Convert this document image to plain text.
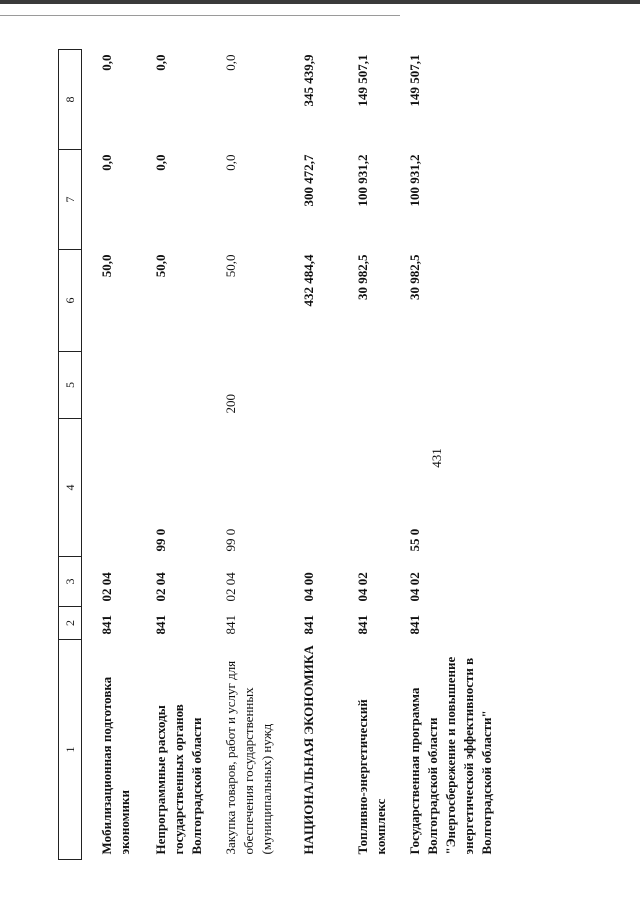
431
1	2	3	4	5	6	7	8
Мобилизационная подготовка экономики	841	02 04			50,0	0,0	0,0
Непрограммные расходы государственных органов Волгоградской области	841	02 04	99 0		50,0	0,0	0,0
Закупка товаров, работ и услуг для обеспечения государственных (муниципальных) нужд	841	02 04	99 0	200	50,0	0,0	0,0
НАЦИОНАЛЬНАЯ ЭКОНОМИКА	841	04 00			432 484,4	300 472,7	345 439,9
Топливно-энергетический комплекс	841	04 02			30 982,5	100 931,2	149 507,1
Государственная программа Волгоградской области "Энергосбережение и повышение энергетической эффективности в Волгоградской области"	841	04 02	55 0		30 982,5	100 931,2	149 507,1
